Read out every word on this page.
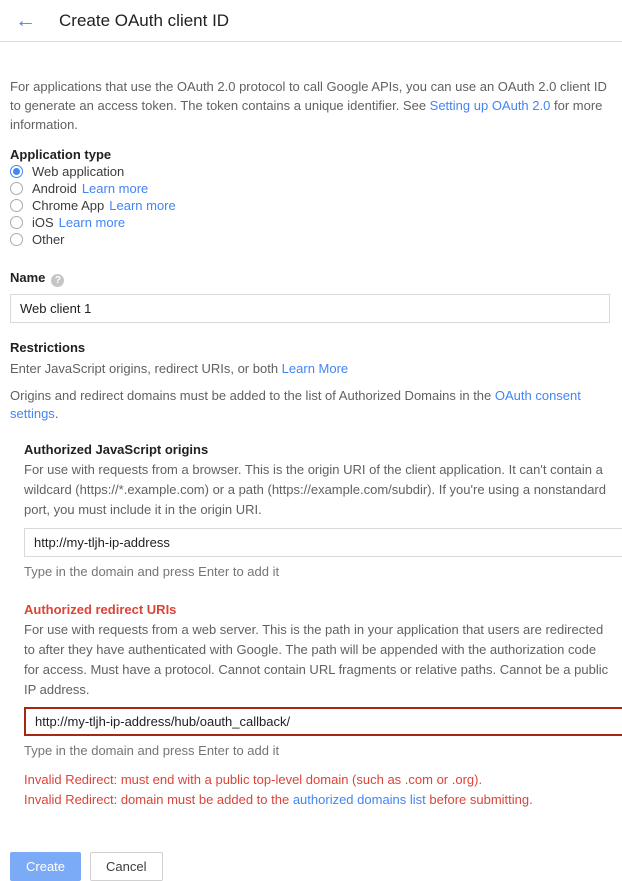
← Create OAuth client ID
For applications that use the OAuth 2.0 protocol to call Google APIs, you can use an OAuth 2.0 client ID to generate an access token. The token contains a unique identifier. See Setting up OAuth 2.0 for more information.
Application type
Web application
Android Learn more
Chrome App Learn more
iOS Learn more
Other
Name ?
Web client 1
Restrictions
Enter JavaScript origins, redirect URIs, or both Learn More
Origins and redirect domains must be added to the list of Authorized Domains in the OAuth consent settings.
Authorized JavaScript origins
For use with requests from a browser. This is the origin URI of the client application. It can't contain a wildcard (https://*.example.com) or a path (https://example.com/subdir). If you're using a nonstandard port, you must include it in the origin URI.
http://my-tljh-ip-address
Type in the domain and press Enter to add it
Authorized redirect URIs
For use with requests from a web server. This is the path in your application that users are redirected to after they have authenticated with Google. The path will be appended with the authorization code for access. Must have a protocol. Cannot contain URL fragments or relative paths. Cannot be a public IP address.
http://my-tljh-ip-address/hub/oauth_callback/
Type in the domain and press Enter to add it
Invalid Redirect: must end with a public top-level domain (such as .com or .org).
Invalid Redirect: domain must be added to the authorized domains list before submitting.
Create	Cancel
